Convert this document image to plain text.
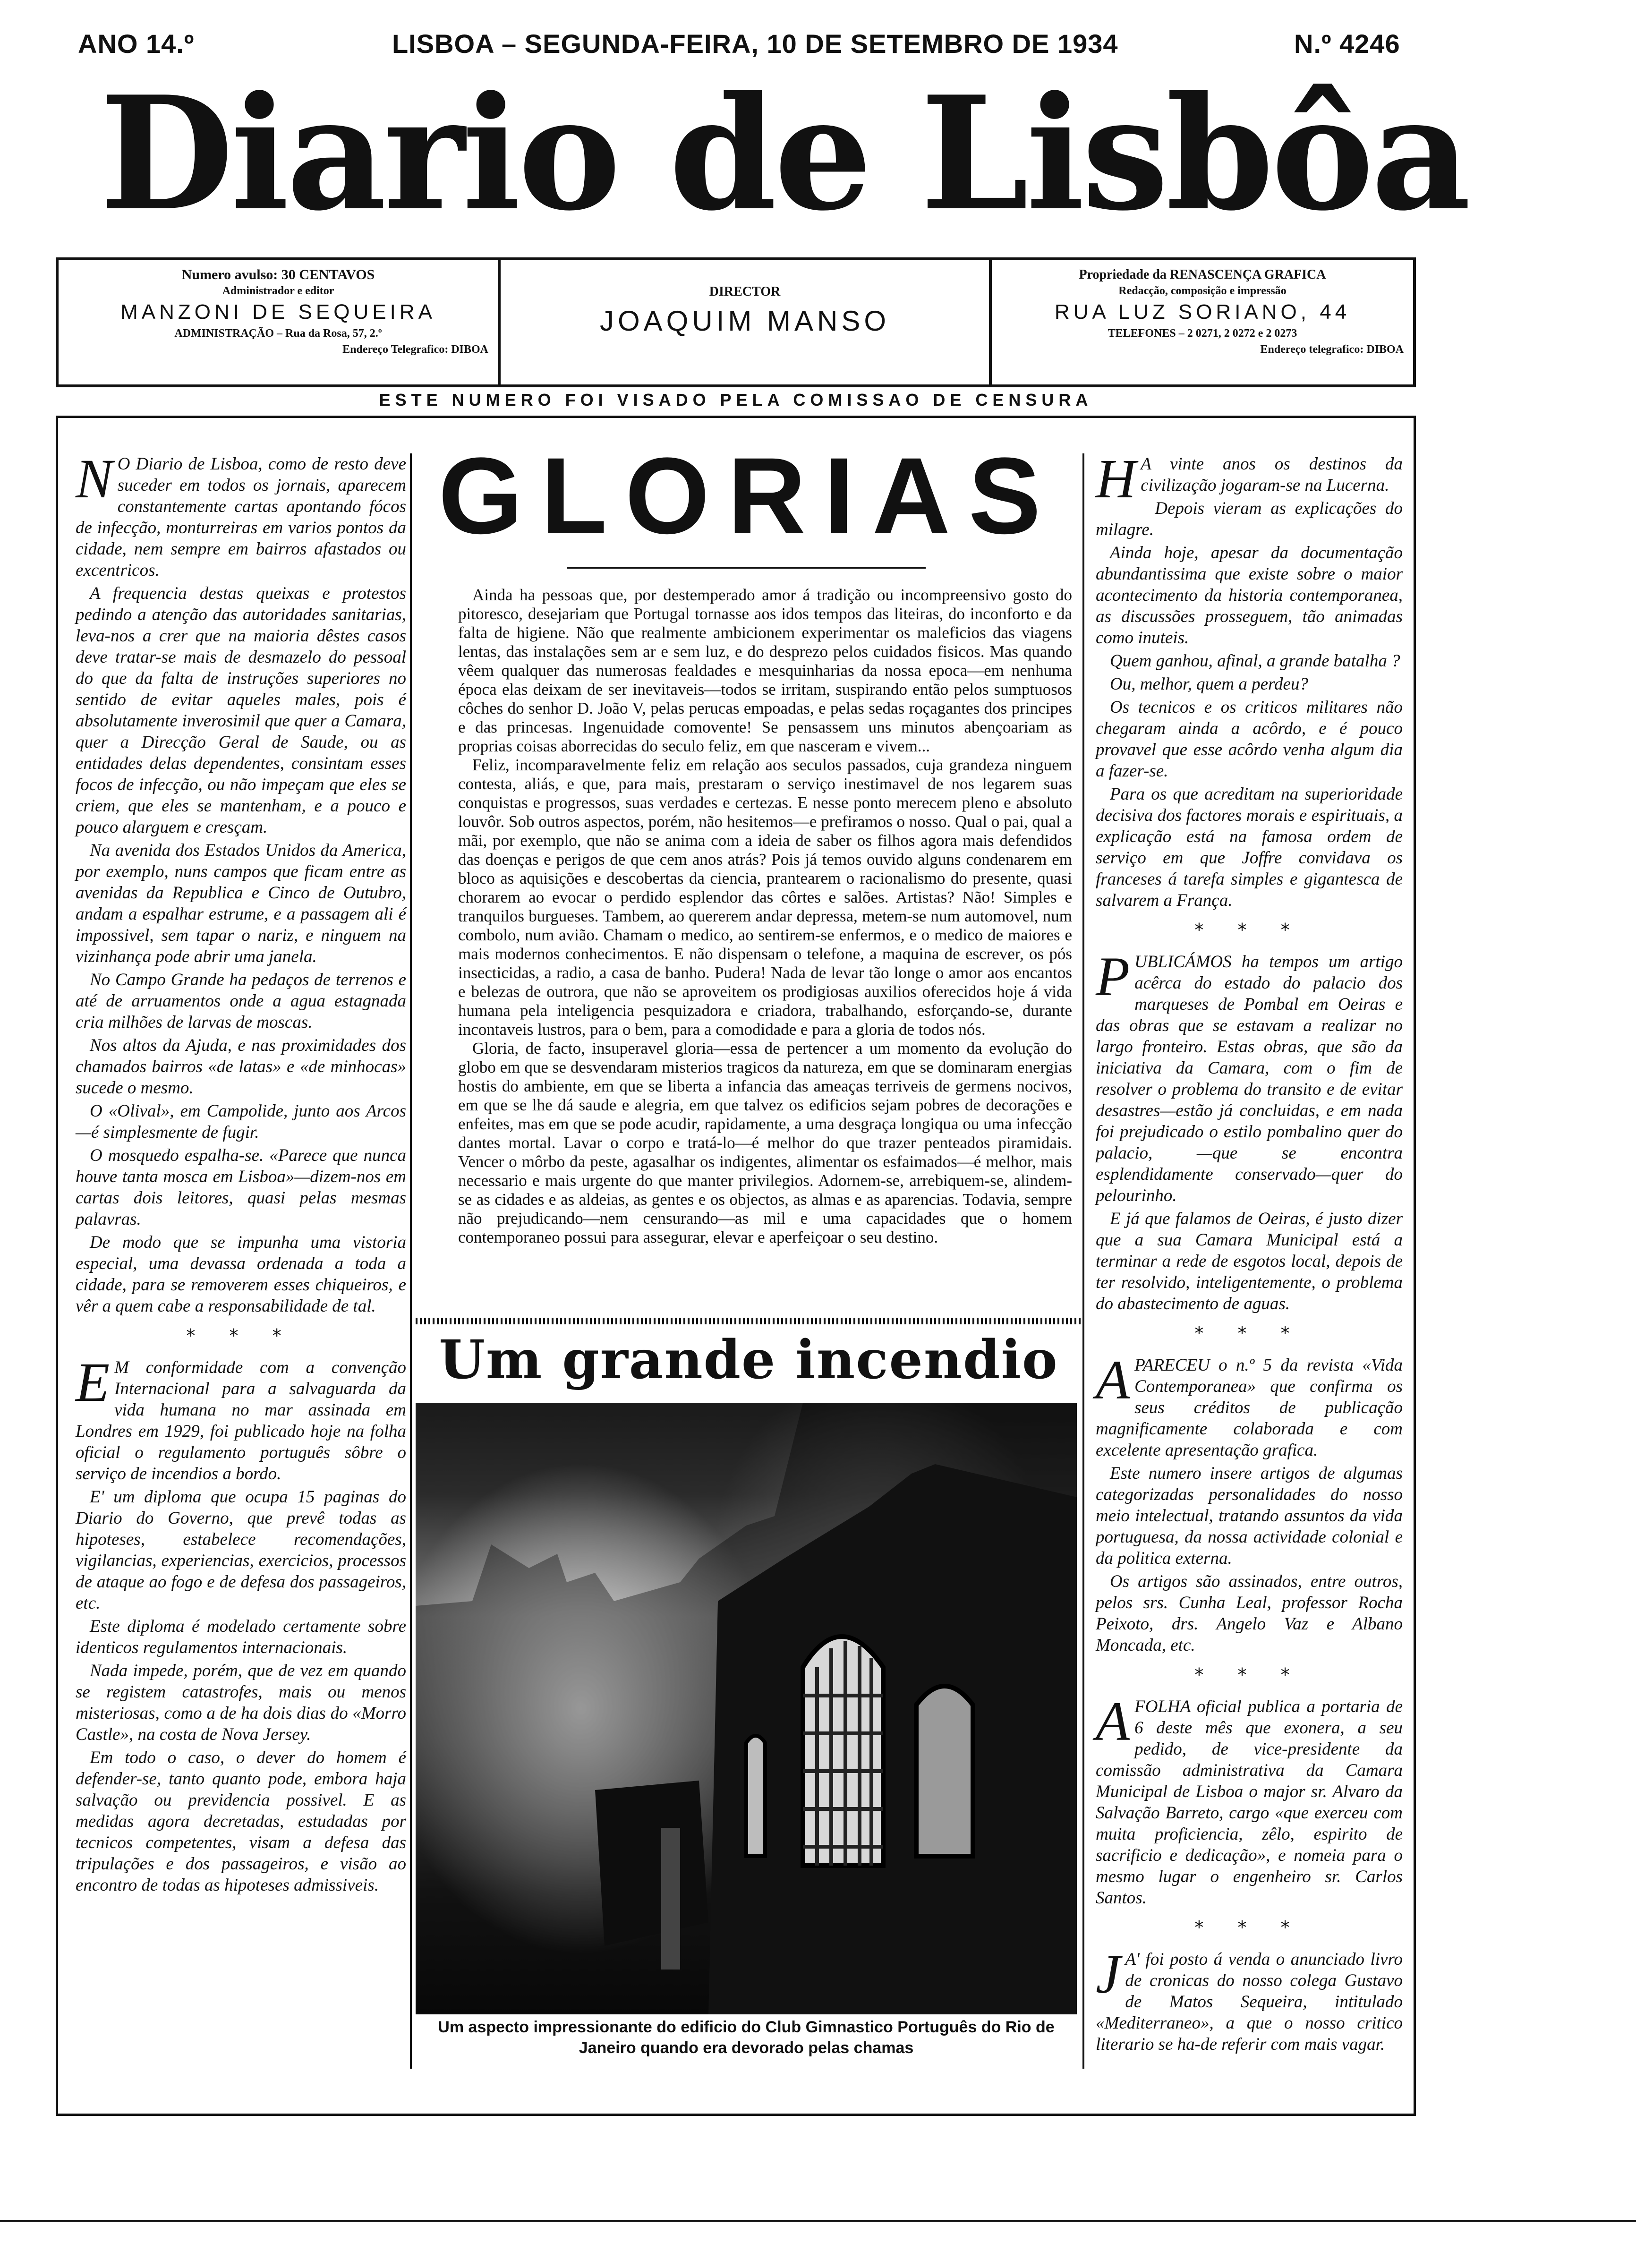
ANO 14.º	LISBOA – SEGUNDA-FEIRA, 10 DE SETEMBRO DE 1934	N.º 4246
Diario de Lisbôa
Numero avulso: 30 CENTAVOS
Administrador e editor
MANZONI DE SEQUEIRA
ADMINISTRAÇÃO – Rua da Rosa, 57, 2.º
Endereço Telegrafico: DIBOA
DIRECTOR
JOAQUIM MANSO
Propriedade da RENASCENÇA GRAFICA
Redacção, composição e impressão
RUA LUZ SORIANO, 44
TELEFONES – 2 0271, 2 0272 e 2 0273
Endereço telegrafico: DIBOA
ESTE NUMERO FOI VISADO PELA COMISSAO DE CENSURA

N O Diario de Lisboa, como de resto deve suceder em todos os jornais, aparecem constantemente cartas apontando fócos de infecção, monturreiras em varios pontos da cidade, nem sempre em bairros afastados ou excentricos.

A frequencia destas queixas e protestos pedindo a atenção das autoridades sanitarias, leva-nos a crer que na maioria dêstes casos deve tratar-se mais de desmazelo do pessoal do que da falta de instruções superiores no sentido de evitar aqueles males, pois é absolutamente inverosimil que quer a Camara, quer a Direcção Geral de Saude, ou as entidades delas dependentes, consintam esses focos de infecção, ou não impeçam que eles se criem, que eles se mantenham, e a pouco e pouco alarguem e cresçam.

Na avenida dos Estados Unidos da America, por exemplo, nuns campos que ficam entre as avenidas da Republica e Cinco de Outubro, andam a espalhar estrume, e a passagem ali é impossivel, sem tapar o nariz, e ninguem na vizinhança pode abrir uma janela.

No Campo Grande ha pedaços de terrenos e até de arruamentos onde a agua estagnada cria milhões de larvas de moscas.

Nos altos da Ajuda, e nas proximidades dos chamados bairros «de latas» e «de minhocas» sucede o mesmo.

O «Olival», em Campolide, junto aos Arcos—é simplesmente de fugir.

O mosquedo espalha-se. «Parece que nunca houve tanta mosca em Lisboa»—dizem-nos em cartas dois leitores, quasi pelas mesmas palavras.

De modo que se impunha uma vistoria especial, uma devassa ordenada a toda a cidade, para se removerem esses chiqueiros, e vêr a quem cabe a responsabilidade de tal.

* * *

E M conformidade com a convenção Internacional para a salvaguarda da vida humana no mar assinada em Londres em 1929, foi publicado hoje na folha oficial o regulamento português sôbre o serviço de incendios a bordo.

E' um diploma que ocupa 15 paginas do Diario do Governo, que prevê todas as hipoteses, estabelece recomendações, vigilancias, experiencias, exercicios, processos de ataque ao fogo e de defesa dos passageiros, etc.

Este diploma é modelado certamente sobre identicos regulamentos internacionais.

Nada impede, porém, que de vez em quando se registem catastrofes, mais ou menos misteriosas, como a de ha dois dias do «Morro Castle», na costa de Nova Jersey.

Em todo o caso, o dever do homem é defender-se, tanto quanto pode, embora haja salvação ou previdencia possivel. E as medidas agora decretadas, estudadas por tecnicos competentes, visam a defesa das tripulações e dos passageiros, e visão ao encontro de todas as hipoteses admissiveis.

GLORIAS

Ainda ha pessoas que, por destemperado amor á tradição ou incompreensivo gosto do pitoresco, desejariam que Portugal tornasse aos idos tempos das liteiras, do inconforto e da falta de higiene. Não que realmente ambicionem experimentar os maleficios das viagens lentas, das instalações sem ar e sem luz, e do desprezo pelos cuidados fisicos. Mas quando vêem qualquer das numerosas fealdades e mesquinharias da nossa epoca—em nenhuma época elas deixam de ser inevitaveis—todos se irritam, suspirando então pelos sumptuosos côches do senhor D. João V, pelas perucas empoadas, e pelas sedas roçagantes dos principes e das princesas. Ingenuidade comovente! Se pensassem uns minutos abençoariam as proprias coisas aborrecidas do seculo feliz, em que nasceram e vivem...

Feliz, incomparavelmente feliz em relação aos seculos passados, cuja grandeza ninguem contesta, aliás, e que, para mais, prestaram o serviço inestimavel de nos legarem suas conquistas e progressos, suas verdades e certezas. E nesse ponto merecem pleno e absoluto louvôr. Sob outros aspectos, porém, não hesitemos—e prefiramos o nosso. Qual o pai, qual a mãi, por exemplo, que não se anima com a ideia de saber os filhos agora mais defendidos das doenças e perigos de que cem anos atrás? Pois já temos ouvido alguns condenarem em bloco as aquisições e descobertas da ciencia, prantearem o racionalismo do presente, quasi chorarem ao evocar o perdido esplendor das côrtes e salões. Artistas? Não! Simples e tranquilos burgueses. Tambem, ao quererem andar depressa, metem-se num automovel, num combolo, num avião. Chamam o medico, ao sentirem-se enfermos, e o medico de maiores e mais modernos conhecimentos. E não dispensam o telefone, a maquina de escrever, os pós insecticidas, a radio, a casa de banho. Pudera! Nada de levar tão longe o amor aos encantos e belezas de outrora, que não se aproveitem os prodigiosas auxilios oferecidos hoje á vida humana pela inteligencia pesquizadora e criadora, trabalhando, esforçando-se, durante incontaveis lustros, para o bem, para a comodidade e para a gloria de todos nós.

Gloria, de facto, insuperavel gloria—essa de pertencer a um momento da evolução do globo em que se desvendaram misterios tragicos da natureza, em que se dominaram energias hostis do ambiente, em que se liberta a infancia das ameaças terriveis de germens nocivos, em que se lhe dá saude e alegria, em que talvez os edificios sejam pobres de decorações e enfeites, mas em que se pode acudir, rapidamente, a uma desgraça longiqua ou uma infecção dantes mortal. Lavar o corpo e tratá-lo—é melhor do que trazer penteados piramidais. Vencer o môrbo da peste, agasalhar os indigentes, alimentar os esfaimados—é melhor, mais necessario e mais urgente do que manter privilegios. Adornem-se, arrebiquem-se, alindem-se as cidades e as aldeias, as gentes e os objectos, as almas e as aparencias. Todavia, sempre não prejudicando—nem censurando—as mil e uma capacidades que o homem contemporaneo possui para assegurar, elevar e aperfeiçoar o seu destino.

Um grande incendio
Um aspecto impressionante do edificio do Club Gimnastico Português do Rio de Janeiro quando era devorado pelas chamas

H A vinte anos os destinos da civilização jogaram-se na Lucerna.

Depois vieram as explicações do milagre.

Ainda hoje, apesar da documentação abundantissima que existe sobre o maior acontecimento da historia contemporanea, as discussões prosseguem, tão animadas como inuteis.

Quem ganhou, afinal, a grande batalha ?

Ou, melhor, quem a perdeu?

Os tecnicos e os criticos militares não chegaram ainda a acôrdo, e é pouco provavel que esse acôrdo venha algum dia a fazer-se.

Para os que acreditam na superioridade decisiva dos factores morais e espirituais, a explicação está na famosa ordem de serviço em que Joffre convidava os franceses á tarefa simples e gigantesca de salvarem a França.

* * *

PUBLICÁMOS ha tempos um artigo acêrca do estado do palacio dos marqueses de Pombal em Oeiras e das obras que se estavam a realizar no largo fronteiro. Estas obras, que são da iniciativa da Camara, com o fim de resolver o problema do transito e de evitar desastres—estão já concluidas, e em nada foi prejudicado o estilo pombalino quer do palacio, —que se encontra esplendidamente conservado—quer do pelourinho.

E já que falamos de Oeiras, é justo dizer que a sua Camara Municipal está a terminar a rede de esgotos local, depois de ter resolvido, inteligentemente, o problema do abastecimento de aguas.

* * *

APARECEU o n.º 5 da revista «Vida Contemporanea» que confirma os seus créditos de publicação magnificamente colaborada e com excelente apresentação grafica.

Este numero insere artigos de algumas categorizadas personalidades do nosso meio intelectual, tratando assuntos da vida portuguesa, da nossa actividade colonial e da politica externa.

Os artigos são assinados, entre outros, pelos srs. Cunha Leal, professor Rocha Peixoto, drs. Angelo Vaz e Albano Moncada, etc.

* * *

AFOLHA oficial publica a portaria de 6 deste mês que exonera, a seu pedido, de vice-presidente da comissão administrativa da Camara Municipal de Lisboa o major sr. Alvaro da Salvação Barreto, cargo «que exerceu com muita proficiencia, zêlo, espirito de sacrificio e dedicação», e nomeia para o mesmo lugar o engenheiro sr. Carlos Santos.

* * *

J A' foi posto á venda o anunciado livro de cronicas do nosso colega Gustavo de Matos Sequeira, intitulado «Mediterraneo», a que o nosso critico literario se ha-de referir com mais vagar.
